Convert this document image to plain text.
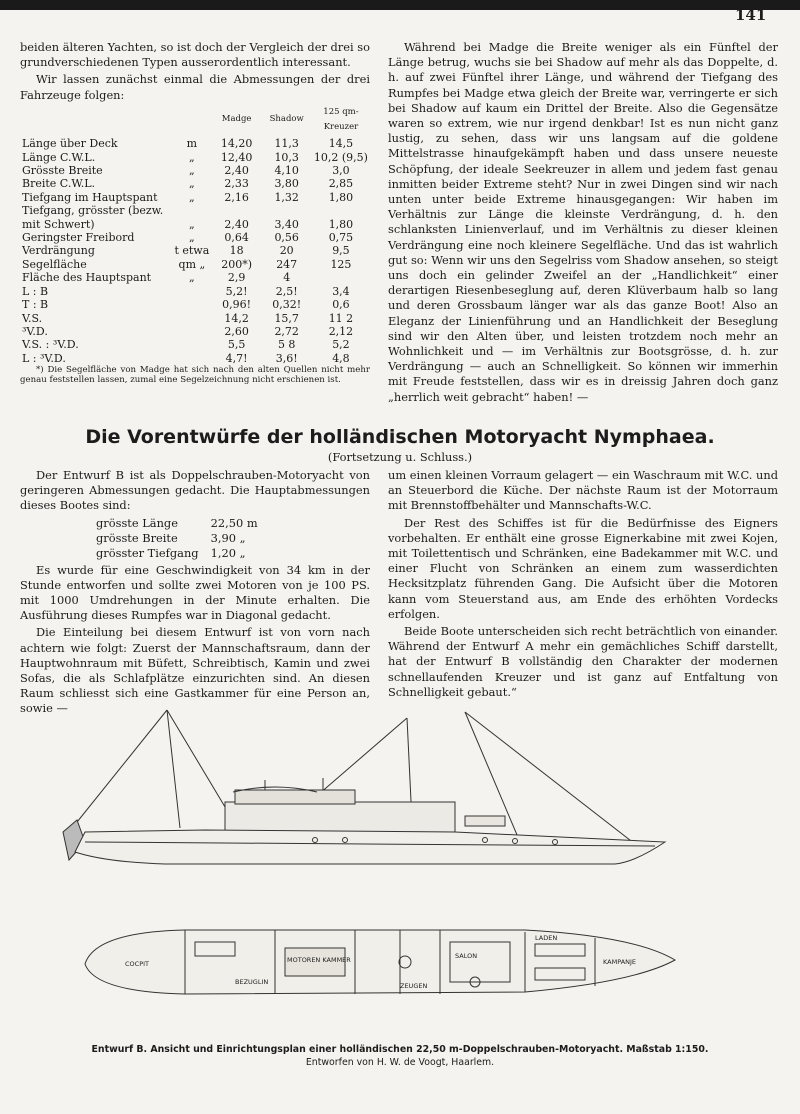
141

beiden älteren Yachten, so ist doch der Vergleich der drei so grundverschiedenen Typen ausserordentlich interessant.

Wir lassen zunächst einmal die Abmessungen der drei Fahrzeuge folgen:

		Madge	Shadow	125 qm-Kreuzer
Länge über Deck	m	14,20	11,3	14,5
Länge C.W.L.	„	12,40	10,3	10,2 (9,5)
Grösste Breite	„	2,40	4,10	3,0
Breite C.W.L.	„	2,33	3,80	2,85
Tiefgang im Hauptspant	„	2,16	1,32	1,80
Tiefgang, grösster (bezw.				
mit Schwert)	„	2,40	3,40	1,80
Geringster Freibord	„	0,64	0,56	0,75
Verdrängung	t etwa	18	20	9,5
Segelfläche	qm „	200*)	247	125
Fläche des Hauptspant	„	2,9	4	
L : B		5,2!	2,5!	3,4
T : B		0,96!	0,32!	0,6
V.S.		14,2	15,7	11 2
³V.D.		2,60	2,72	2,12
V.S. : ³V.D.		5,5	5 8	5,2
L : ³V.D.		4,7!	3,6!	4,8

*) Die Segelfläche von Madge hat sich nach den alten Quellen nicht mehr genau feststellen lassen, zumal eine Segelzeichnung nicht erschienen ist.

Während bei Madge die Breite weniger als ein Fünftel der Länge betrug, wuchs sie bei Shadow auf mehr als das Doppelte, d. h. auf zwei Fünftel ihrer Länge, und während der Tiefgang des Rumpfes bei Madge etwa gleich der Breite war, verringerte er sich bei Shadow auf kaum ein Drittel der Breite. Also die Gegensätze waren so extrem, wie nur irgend denkbar! Ist es nun nicht ganz lustig, zu sehen, dass wir uns langsam auf die goldene Mittelstrasse hinaufgekämpft haben und dass unsere neueste Schöpfung, der ideale Seekreuzer in allem und jedem fast genau inmitten beider Extreme steht? Nur in zwei Dingen sind wir nach unten unter beide Extreme hinausgegangen: Wir haben im Verhältnis zur Länge die kleinste Verdrängung, d. h. den schlanksten Linienverlauf, und im Verhältnis zu dieser kleinen Verdrängung eine noch kleinere Segelfläche. Und das ist wahrlich gut so: Wenn wir uns den Segelriss vom Shadow ansehen, so steigt uns doch ein gelinder Zweifel an der „Handlichkeit“ einer derartigen Riesenbeseglung auf, deren Klüverbaum halb so lang und deren Grossbaum länger war als das ganze Boot! Also an Eleganz der Linienführung und an Handlichkeit der Beseglung sind wir den Alten über, und leisten trotzdem noch mehr an Wohnlichkeit und — im Verhältnis zur Bootsgrösse, d. h. zur Verdrängung — auch an Schnelligkeit. So können wir immerhin mit Freude feststellen, dass wir es in dreissig Jahren doch ganz „herrlich weit gebracht“ haben! —

Die Vorentwürfe der holländischen Motoryacht Nymphaea.
(Fortsetzung u. Schluss.)

Der Entwurf B ist als Doppelschrauben-Motoryacht von geringeren Abmessungen gedacht. Die Hauptabmessungen dieses Bootes sind:

grösste Länge	22,50 m
grösste Breite	3,90 „
grösster Tiefgang	1,20 „

Es wurde für eine Geschwindigkeit von 34 km in der Stunde entworfen und sollte zwei Motoren von je 100 PS. mit 1000 Umdrehungen in der Minute erhalten. Die Ausführung dieses Rumpfes war in Diagonal gedacht.

Die Einteilung bei diesem Entwurf ist von vorn nach achtern wie folgt: Zuerst der Mannschaftsraum, dann der Hauptwohnraum mit Büfett, Schreibtisch, Kamin und zwei Sofas, die als Schlafplätze einzurichten sind. An diesen Raum schliesst sich eine Gastkammer für eine Person an, sowie —

um einen kleinen Vorraum gelagert — ein Waschraum mit W.C. und an Steuerbord die Küche. Der nächste Raum ist der Motorraum mit Brennstoffbehälter und Mannschafts-W.C.

Der Rest des Schiffes ist für die Bedürfnisse des Eigners vorbehalten. Er enthält eine grosse Eignerkabine mit zwei Kojen, mit Toilettentisch und Schränken, eine Badekammer mit W.C. und einer Flucht von Schränken an einem zum wasserdichten Hecksitzplatz führenden Gang. Die Aufsicht über die Motoren kann vom Steuerstand aus, am Ende des erhöhten Vordecks erfolgen.

Beide Boote unterscheiden sich recht beträchtlich von einander. Während der Entwurf A mehr ein gemächliches Schiff darstellt, hat der Entwurf B vollständig den Charakter der modernen schnellaufenden Kreuzer und ist ganz auf Entfaltung von Schnelligkeit gebaut.“

COCPIT
BEZUGLIN
MOTOREN KAMMER
ZEUGEN
SALON
LADEN
KAMPANJE
Entwurf B. Ansicht und Einrichtungsplan einer holländischen 22,50 m-Doppelschrauben-Motoryacht. Maßstab 1:150.
Entworfen von H. W. de Voogt, Haarlem.
